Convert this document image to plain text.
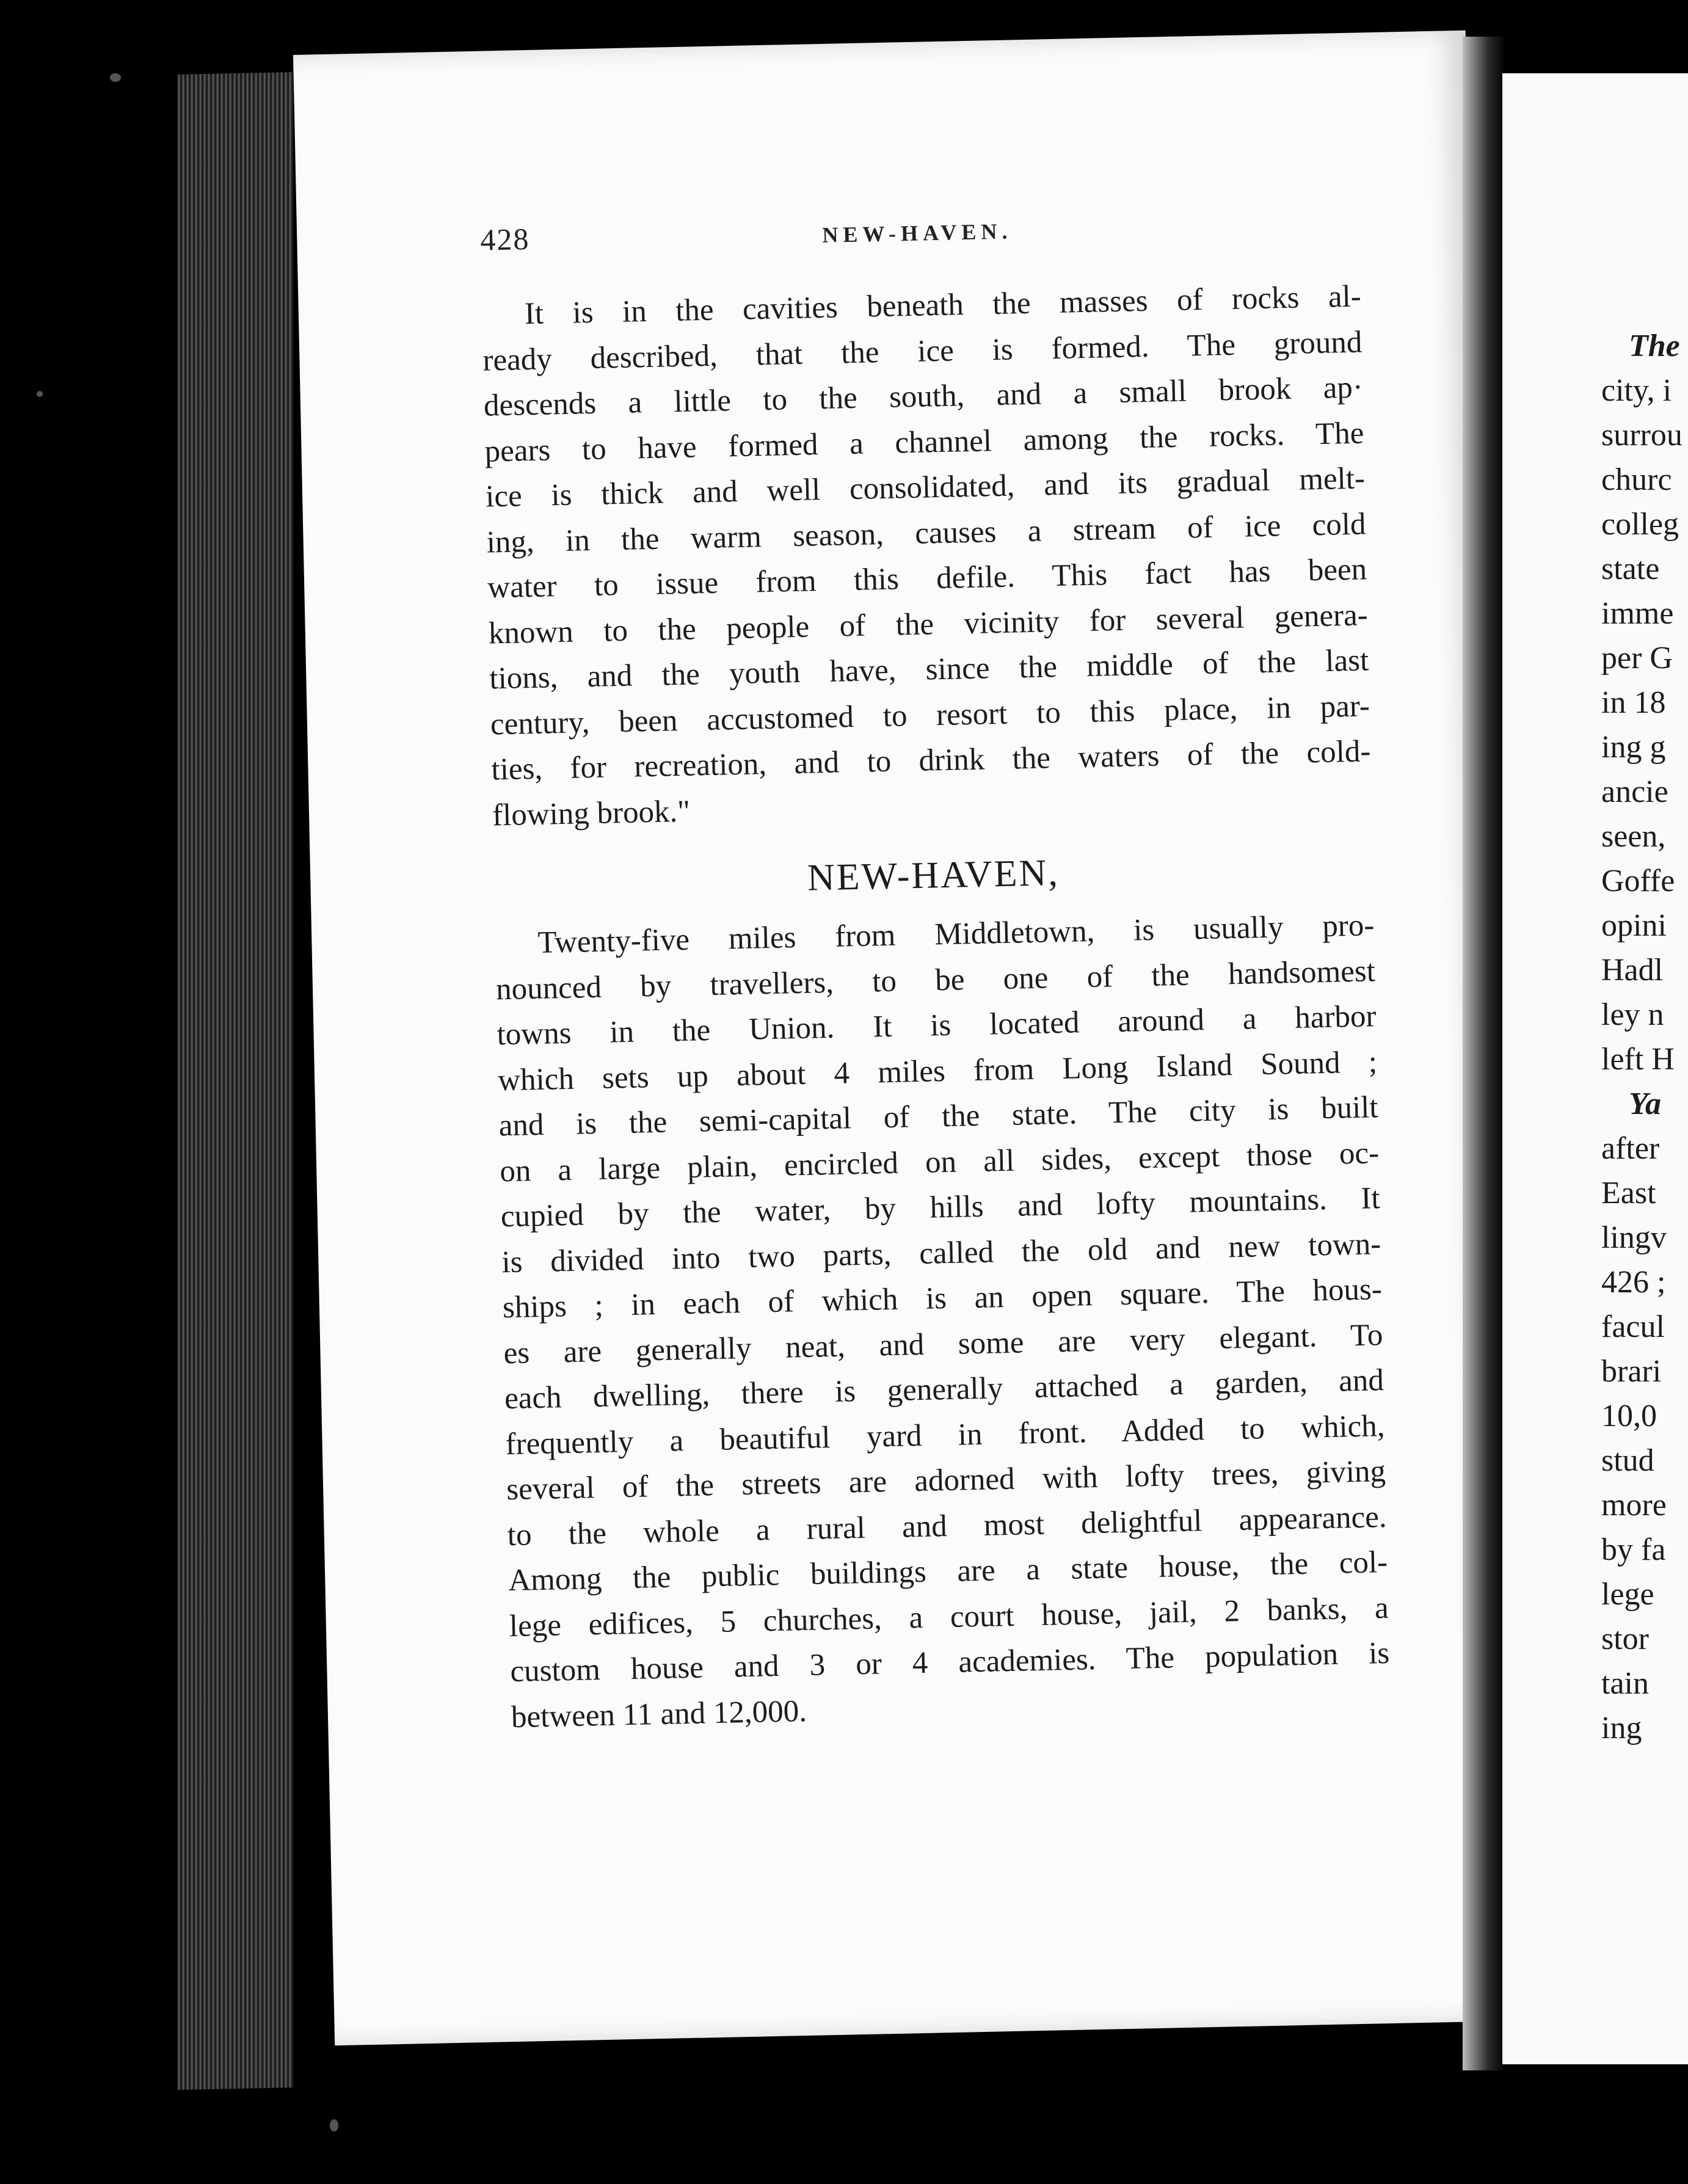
428	NEW-HAVEN.
It is in the cavities beneath the masses of rocks al-
ready described, that the ice is formed. The ground
descends a little to the south, and a small brook ap·
pears to have formed a channel among the rocks. The
ice is thick and well consolidated, and its gradual melt-
ing, in the warm season, causes a stream of ice cold
water to issue from this defile. This fact has been
known to the people of the vicinity for several genera-
tions, and the youth have, since the middle of the last
century, been accustomed to resort to this place, in par-
ties, for recreation, and to drink the waters of the cold-
flowing brook."
NEW-HAVEN,
Twenty-five miles from Middletown, is usually pro-
nounced by travellers, to be one of the handsomest
towns in the Union. It is located around a harbor
which sets up about 4 miles from Long Island Sound ;
and is the semi-capital of the state. The city is built
on a large plain, encircled on all sides, except those oc-
cupied by the water, by hills and lofty mountains. It
is divided into two parts, called the old and new town-
ships ; in each of which is an open square. The hous-
es are generally neat, and some are very elegant. To
each dwelling, there is generally attached a garden, and
frequently a beautiful yard in front. Added to which,
several of the streets are adorned with lofty trees, giving
to the whole a rural and most delightful appearance.
Among the public buildings are a state house, the col-
lege edifices, 5 churches, a court house, jail, 2 banks, a
custom house and 3 or 4 academies. The population is
between 11 and 12,000.
The
city, i
surrou
churc
colleg
state
imme
per G
in 18
ing g
ancie
seen,
Goffe
opini
Hadl
ley n
left H
Ya
after
East
lingv
426 ;
facul
brari
10,0
stud
more
by fa
lege
stor
tain
ing
